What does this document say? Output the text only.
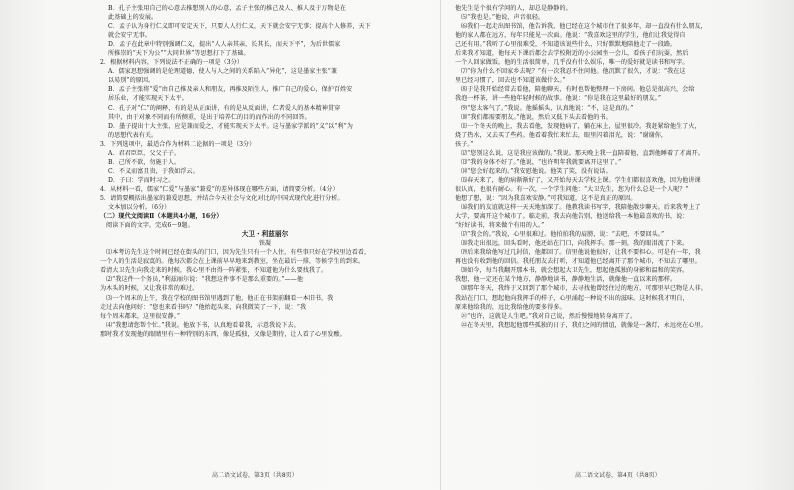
B．孔子主张用自己的心意去推想别人的心意，孟子主张的推己及人、推人及于万物是在

此基础上的发展。

C．孟子认为身行仁义即可安定天下，只要人人行仁义，天下就会安宁无事；提高个人修养，天下

就会安宁无事。

D．孟子在此章中特别强调仁义，提出“人人亲其亲，长其长，而天下平”，为后世儒家

所推崇的“天下为公”“大同世界”等思想打下了基础。

2．根据材料内容，下列说法不正确的一项是（3分）

A．儒家思想强调的是伦理道德，使人与人之间的关系陷入“异化”，这是墨家主张“兼

以易别”的原因。

B．孟子主张将“爱”由自己推及亲人和朋友，再推及陌生人，推广自己的爱心，保护百姓安

居乐业，才能实现天下太平。

C．孔子对“仁”的阐释，有的是从正面讲，有的是从反面讲，仁者爱人的基本精神贯穿

其中，由于对象不同而有所侧重，是出于培养仁的目的而作出的不同回答。

D．墨子提出十大主张，应是兼而爱之，才能实现天下太平。这与墨家学派的“义”以“利”为

的思想代表有关。

3．下列选项中，最适合作为材料二论据的一项是（3分）

A．君君臣臣，父父子子。

B．己所不欲，勿施于人。

C．不义而富且贵，于我如浮云。

D．子曰：学而时习之。

4．从材料一看，儒家“仁爱”与墨家“兼爱”的差异体现在哪些方面，请简要分析。（4分）

5．请简要概括出墨家的兼爱思想，并结合今天社会与文化对比的中国式现代化进行分析。

文本加以分析。（6分）

（二）现代文阅读Ⅱ（本题共4小题，16分）

阅读下面的文字，完成6～9题。

大卫・利兹丽尔

铁凝

⑴本考访先生这个时间已经在街头的门口，因为先生只有一个人住，有些事只好在学校里边看看，

一个人的生活是寂寞的。他每次都会在上课前早早地来到教室，坐在最后一排，等候学生的到来。

看清大卫先生向我走来的时候，我心里不由得一阵紧张，不知道他为什么要找我了。

⑵“我这件一个务员，”利兹丽尔说：“我想这件事不是那么重要的。”——他

为木头的时候，又让我非常的难过。

⑶一个周末的上午，我在学校的图书馆里遇到了他，他正在书架前翻看一本旧书，我

走过去向他问好：“您也来看书吗？”他抬起头来，向我微笑了一下，说：“我

每个周末都来，这里很安静。”

⑷“我想请您帮个忙。”我说。他放下书，认真地看着我，示意我说下去。

那时我才发现他的眼睛里有一种特别的东西，像是孤独，又像是期待，让人看了心里发酸。

他先生是个很有学问的人，却总是静静的。

⑸“我也是。”他说，声音很轻。

⑹我们一起走出图书馆，他告诉我，他已经在这个城市住了很多年，却一直没有什么朋友，

他的家人都在远方，每年只能见一次面。他说：“我喜欢这里的学生，他们让我觉得自

己还有用。”我听了心里很难受，不知道该说些什么，只好默默地陪他走了一段路。

后来我才知道，他每天下课后都会去学校附近的小公园坐一会儿，看孩子们玩耍，然后

一个人回家做饭。他的生活很简单，几乎没有什么娱乐，唯一的爱好就是读书和写字。

⑺“你为什么不回家乡去呢？”有一次我忍不住问他。他沉默了很久，才说：“我在这

里已经习惯了，回去也不知道该做什么。”

⑻于是我开始经常去看他，陪他聊天，有时也帮他整理一下房间。他总是很高兴，会给

我泡一杯茶，讲一些他年轻时候的故事。他说：“你是我在这里最好的朋友。”

⑼“您太客气了。”我说。他摇摇头，认真地说：“不，这是真的。”

⑽“我们都需要朋友。”他说，然后又低下头去看他的书。

⑾一个冬天的晚上，我去看他，发现他病了，躺在床上，屋里很冷。我赶紧给他生了火，

烧了热水，又去买了些药。他看着我忙来忙去，眼里闪着泪光，说：“谢谢你，

孩子。”

⑿“您别这么说，这是我应该做的。”我说。那天晚上我一直陪着他，直到他睡着了才离开。

⒀“我的身体不好了。”他说，“也许明年我就要离开这里了。”

⒁“您会好起来的。”我安慰他说。他笑了笑，没有说话。

⒂春天来了，他的病渐渐好了，又开始每天去学校上课。学生们都很喜欢他，因为他讲课

很认真，也很有耐心。有一次，一个学生问他：“大卫先生，您为什么总是一个人呢？”

他想了想，说：“因为我喜欢安静。”可我知道，这不是真正的原因。

⒃我们的友谊就这样一天天地加深了。他教我读书写字，我陪他散步聊天。后来我考上了

大学，要离开这个城市了。临走前，我去向他告别，他送给我一本他最喜欢的书，说：

“好好读书，将来做个有用的人。”

⒄“我会的。”我说，心里很难过。他拍拍我的肩膀，说：“去吧，不要回头。”

⒅我走出很远，回头看时，他还站在门口，向我挥手。那一刻，我的眼泪流了下来。

⒆后来我给他写过几封信，他都回了。信里他说他很好，让我不要担心。可是有一年，我

再也没有收到他的回信。我托朋友去打听，才知道他已经离开了那个城市，不知去了哪里。

⒇如今，每当我翻开那本书，就会想起大卫先生，想起他孤独的身影和温和的笑容。

我想，他一定还在某个地方，静静地读书，静静地生活，就像他一直以来的那样。

⒇那年冬天，我终于又回到了那个城市，去寻找他曾经住过的地方，可那里早已物是人非。

我站在门口，想起他向我挥手的样子，心里涌起一种说不出的滋味。这时候我才明白，

原来他给我的，远比我给他的要多得多。

㉑“也许，这就是人生吧。”我对自己说，然后慢慢地转身离开了。

㉒在冬天里，我想起他那些孤独的日子，我们之间的情谊，就像是一盏灯，永远亮在心里。

高二语文试卷，第3页（共8页）	高二语文试卷，第4页（共8页）
